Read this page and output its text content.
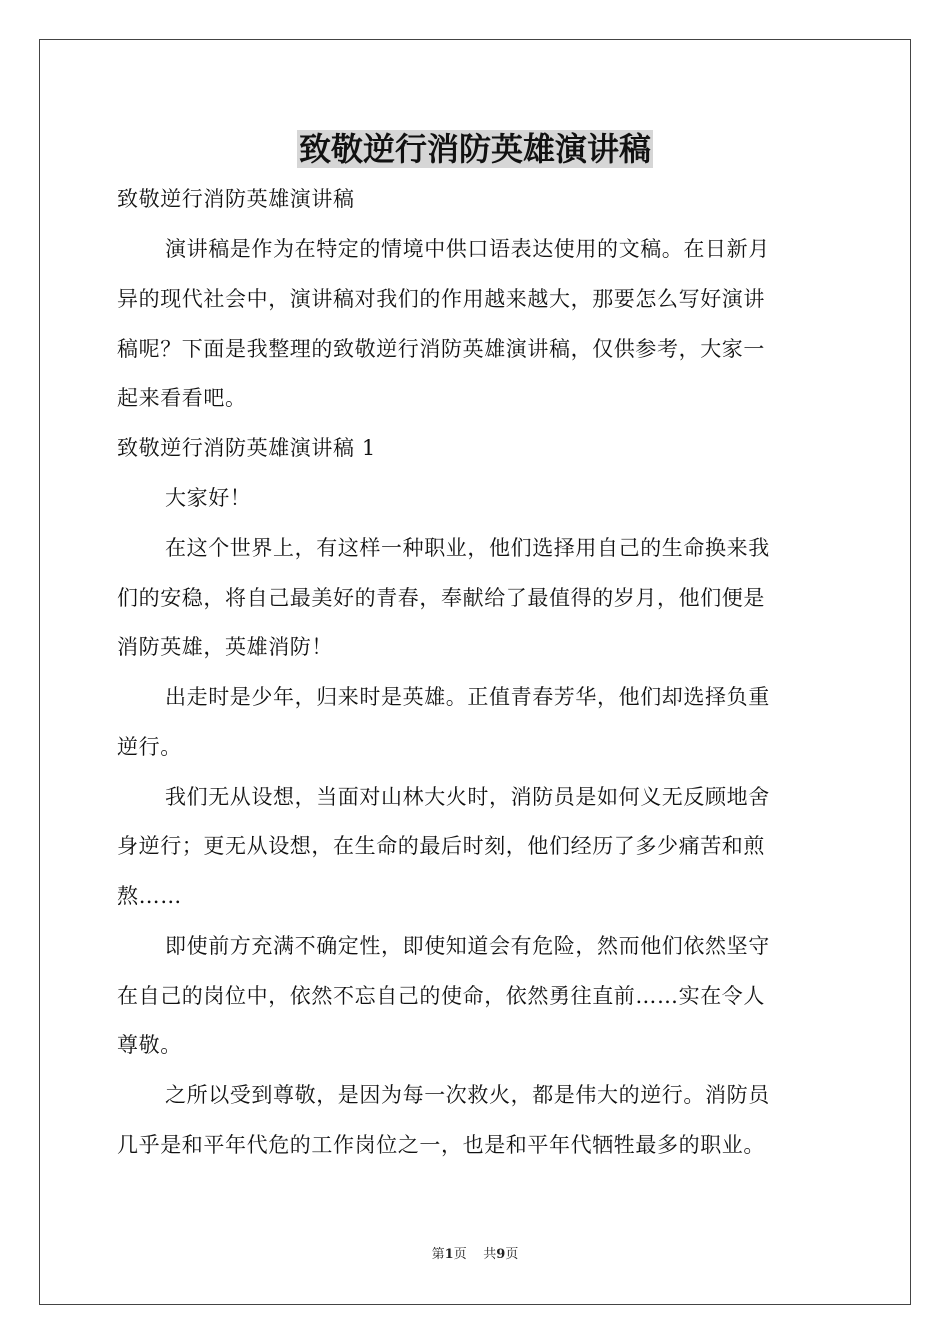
致敬逆行消防英雄演讲稿
致敬逆行消防英雄演讲稿
演讲稿是作为在特定的情境中供口语表达使用的文稿。在日新月
异的现代社会中，演讲稿对我们的作用越来越大，那要怎么写好演讲
稿呢？下面是我整理的致敬逆行消防英雄演讲稿，仅供参考，大家一
起来看看吧。
致敬逆行消防英雄演讲稿 1
大家好！
在这个世界上，有这样一种职业，他们选择用自己的生命换来我
们的安稳，将自己最美好的青春，奉献给了最值得的岁月，他们便是
消防英雄，英雄消防！
出走时是少年，归来时是英雄。正值青春芳华，他们却选择负重
逆行。
我们无从设想，当面对山林大火时，消防员是如何义无反顾地舍
身逆行；更无从设想，在生命的最后时刻，他们经历了多少痛苦和煎
熬……
即使前方充满不确定性，即使知道会有危险，然而他们依然坚守
在自己的岗位中，依然不忘自己的使命，依然勇往直前……实在令人
尊敬。
之所以受到尊敬，是因为每一次救火，都是伟大的逆行。消防员
几乎是和平年代危的工作岗位之一，也是和平年代牺牲最多的职业。
第1页 共9页
